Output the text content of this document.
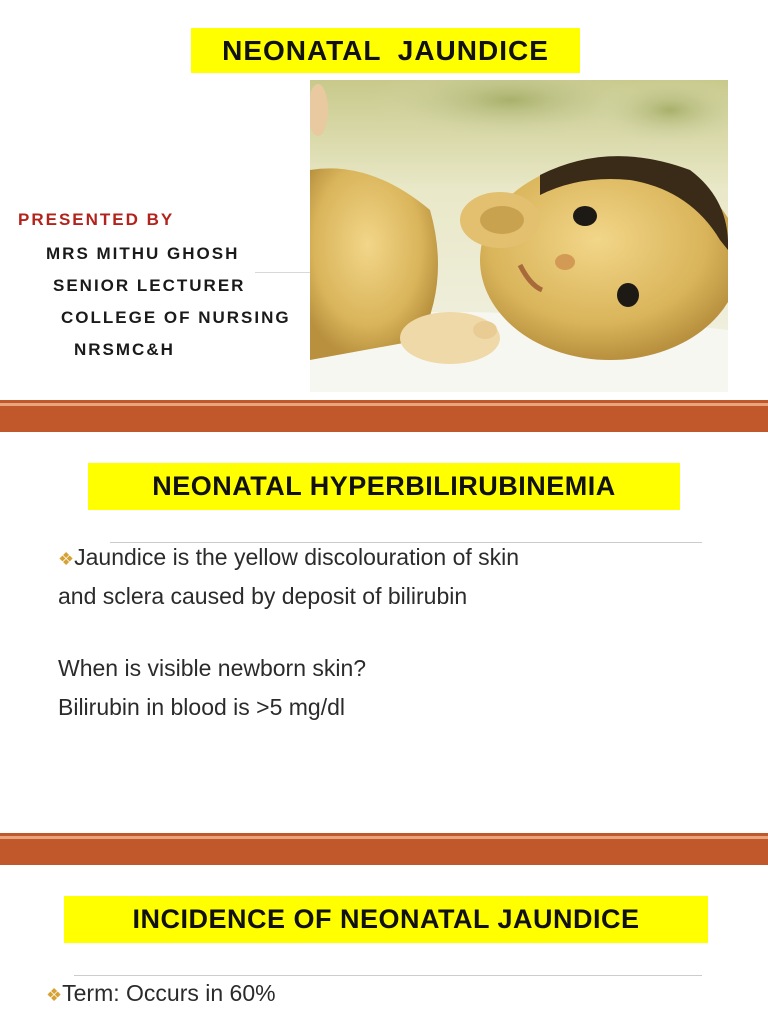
NEONATAL JAUNDICE
PRESENTED BY
MRS MITHU GHOSH
SENIOR LECTURER
COLLEGE OF NURSING
NRSMC&H
NEONATAL HYPERBILIRUBINEMIA
❖Jaundice is the yellow discolouration of skin
and sclera caused by deposit of bilirubin
When is visible newborn skin?
Bilirubin in blood is >5 mg/dl
INCIDENCE OF NEONATAL JAUNDICE
❖Term: Occurs in 60%
